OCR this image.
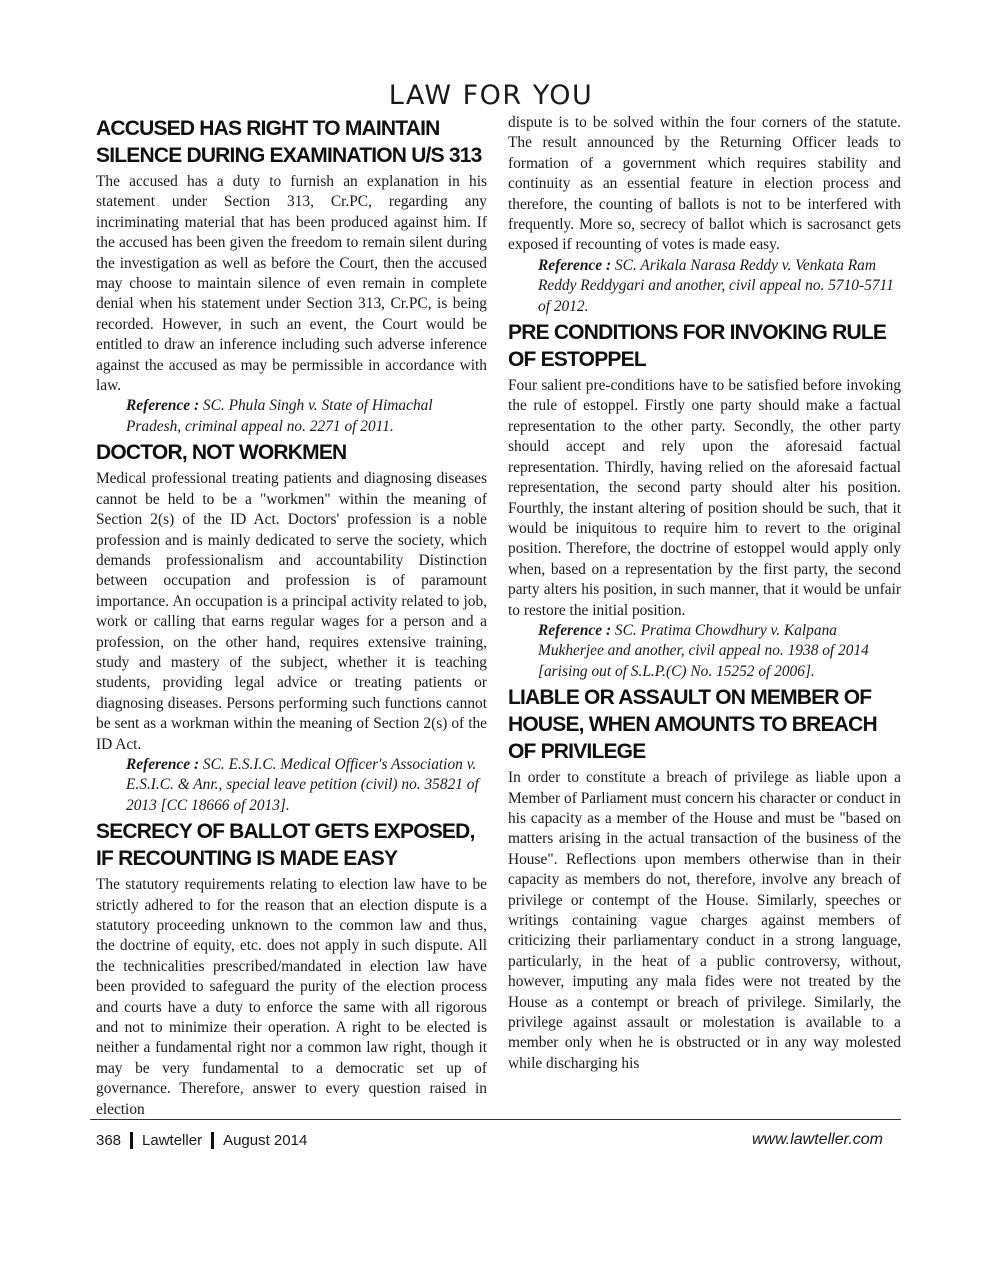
LAW FOR YOU
ACCUSED HAS RIGHT TO MAINTAIN SILENCE DURING EXAMINATION U/S 313

The accused has a duty to furnish an explanation in his statement under Section 313, Cr.PC, regarding any incriminating material that has been produced against him. If the accused has been given the freedom to remain silent during the investigation as well as before the Court, then the accused may choose to maintain silence of even remain in complete denial when his statement under Section 313, Cr.PC, is being recorded. However, in such an event, the Court would be entitled to draw an inference including such adverse inference against the accused as may be permissible in accordance with law.

Reference : SC. Phula Singh v. State of Himachal Pradesh, criminal appeal no. 2271 of 2011.

DOCTOR, NOT WORKMEN

Medical professional treating patients and diagnosing diseases cannot be held to be a "workmen" within the meaning of Section 2(s) of the ID Act. Doctors' profession is a noble profession and is mainly dedicated to serve the society, which demands professionalism and accountability Distinction between occupation and profession is of paramount importance. An occupation is a principal activity related to job, work or calling that earns regular wages for a person and a profession, on the other hand, requires extensive training, study and mastery of the subject, whether it is teaching students, providing legal advice or treating patients or diagnosing diseases. Persons performing such functions cannot be sent as a workman within the meaning of Section 2(s) of the ID Act.

Reference : SC. E.S.I.C. Medical Officer's Association v. E.S.I.C. & Anr., special leave petition (civil) no. 35821 of 2013 [CC 18666 of 2013].

SECRECY OF BALLOT GETS EXPOSED, IF RECOUNTING IS MADE EASY

The statutory requirements relating to election law have to be strictly adhered to for the reason that an election dispute is a statutory proceeding unknown to the common law and thus, the doctrine of equity, etc. does not apply in such dispute. All the technicalities prescribed/mandated in election law have been provided to safeguard the purity of the election process and courts have a duty to enforce the same with all rigorous and not to minimize their operation. A right to be elected is neither a fundamental right nor a common law right, though it may be very fundamental to a democratic set up of governance. Therefore, answer to every question raised in election

dispute is to be solved within the four corners of the statute. The result announced by the Returning Officer leads to formation of a government which requires stability and continuity as an essential feature in election process and therefore, the counting of ballots is not to be interfered with frequently. More so, secrecy of ballot which is sacrosanct gets exposed if recounting of votes is made easy.

Reference : SC. Arikala Narasa Reddy v. Venkata Ram Reddy Reddygari and another, civil appeal no. 5710-5711 of 2012.

PRE CONDITIONS FOR INVOKING RULE OF ESTOPPEL

Four salient pre-conditions have to be satisfied before invoking the rule of estoppel. Firstly one party should make a factual representation to the other party. Secondly, the other party should accept and rely upon the aforesaid factual representation. Thirdly, having relied on the aforesaid factual representation, the second party should alter his position. Fourthly, the instant altering of position should be such, that it would be iniquitous to require him to revert to the original position. Therefore, the doctrine of estoppel would apply only when, based on a representation by the first party, the second party alters his position, in such manner, that it would be unfair to restore the initial position.

Reference : SC. Pratima Chowdhury v. Kalpana Mukherjee and another, civil appeal no. 1938 of 2014 [arising out of S.L.P.(C) No. 15252 of 2006].

LIABLE OR ASSAULT ON MEMBER OF HOUSE, WHEN AMOUNTS TO BREACH OF PRIVILEGE

In order to constitute a breach of privilege as liable upon a Member of Parliament must concern his character or conduct in his capacity as a member of the House and must be "based on matters arising in the actual transaction of the business of the House". Reflections upon members otherwise than in their capacity as members do not, therefore, involve any breach of privilege or contempt of the House. Similarly, speeches or writings containing vague charges against members of criticizing their parliamentary conduct in a strong language, particularly, in the heat of a public controversy, without, however, imputing any mala fides were not treated by the House as a contempt or breach of privilege. Similarly, the privilege against assault or molestation is available to a member only when he is obstructed or in any way molested while discharging his

368 Lawteller August 2014	www.lawteller.com
